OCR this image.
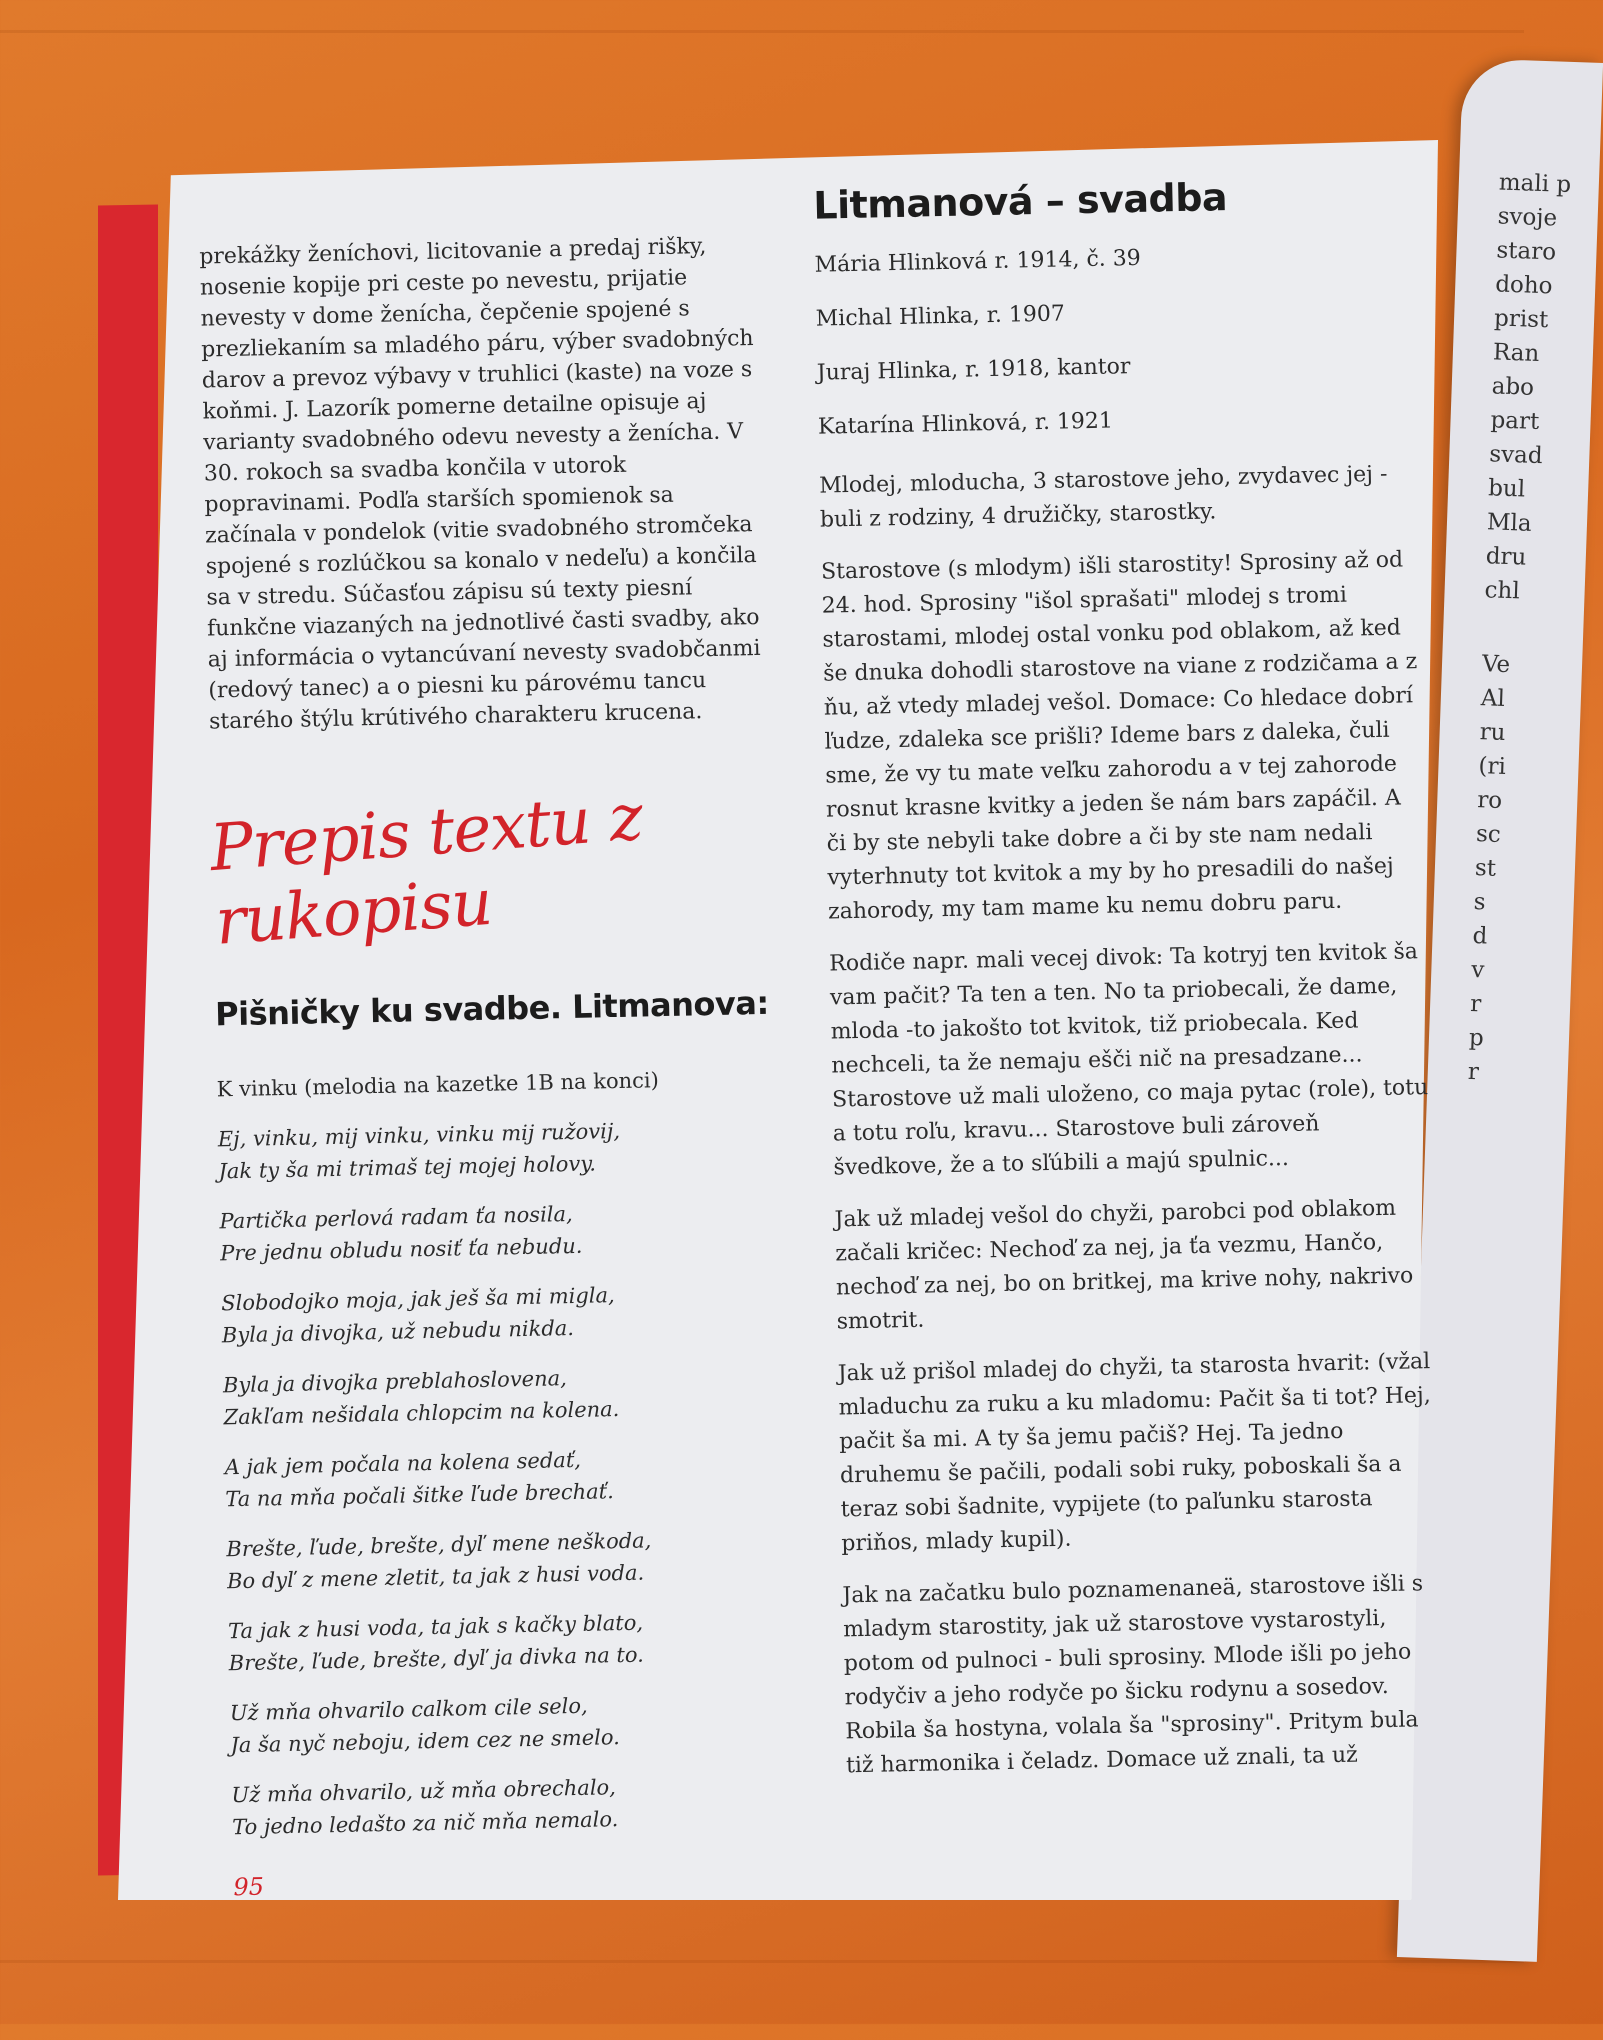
mali p
svoje
staro
doho
prist
Ran
abo
part
svad
bul
Mla
dru
chl
Ve
Al
ru
(ri
ro
sc
st
s
d
v
r
p
r

prekážky ženíchovi, licitovanie a predaj rišky, nosenie kopije pri ceste po nevestu, prijatie nevesty v dome ženícha, čepčenie spojené s prezliekaním sa mladého páru, výber svadobných darov a prevoz výbavy v truhlici (kaste) na voze s koňmi. J. Lazorík pomerne detailne opisuje aj varianty svadobného odevu nevesty a ženícha. V 30. rokoch sa svadba končila v utorok popravinami. Podľa starších spomienok sa začínala v pondelok (vitie svadobného stromčeka spojené s rozlúčkou sa konalo v nedeľu) a končila sa v stredu. Súčasťou zápisu sú texty piesní funkčne viazaných na jednotlivé časti svadby, ako aj informácia o vytancúvaní nevesty svadobčanmi (redový tanec) a o piesni ku párovému tancu starého štýlu krútivého charakteru krucena.

Prepis textu z rukopisu
Pišničky ku svadbe. Litmanova:
K vinku (melodia na kazetke 1B na konci)
Ej, vinku, mij vinku, vinku mij ružovij,
Jak ty ša mi trimaš tej mojej holovy.
Partička perlová radam ťa nosila,
Pre jednu obludu nosiť ťa nebudu.
Slobodojko moja, jak ješ ša mi migla,
Byla ja divojka, už nebudu nikda.
Byla ja divojka preblahoslovena,
Zakľam nešidala chlopcim na kolena.
A jak jem počala na kolena sedať,
Ta na mňa počali šitke ľude brechať.
Brešte, ľude, brešte, dyľ mene neškoda,
Bo dyľ z mene zletit, ta jak z husi voda.
Ta jak z husi voda, ta jak s kačky blato,
Brešte, ľude, brešte, dyľ ja divka na to.
Už mňa ohvarilo calkom cile selo,
Ja ša nyč neboju, idem cez ne smelo.
Už mňa ohvarilo, už mňa obrechalo,
To jedno ledašto za nič mňa nemalo.
95
Litmanová – svadba
Mária Hlinková r. 1914, č. 39
Michal Hlinka, r. 1907
Juraj Hlinka, r. 1918, kantor
Katarína Hlinková, r. 1921
Mlodej, mloducha, 3 starostove jeho, zvydavec jej - buli z rodziny, 4 družičky, starostky.
Starostove (s mlodym) išli starostity! Sprosiny až od 24. hod. Sprosiny "išol sprašati" mlodej s tromi starostami, mlodej ostal vonku pod oblakom, až ked še dnuka dohodli starostove na viane z rodzičama a z ňu, až vtedy mladej vešol. Domace: Co hledace dobrí ľudze, zdaleka sce prišli? Ideme bars z daleka, čuli sme, že vy tu mate veľku zahorodu a v tej zahorode rosnut krasne kvitky a jeden še nám bars zapáčil. A či by ste nebyli take dobre a či by ste nam nedali vyterhnuty tot kvitok a my by ho presadili do našej zahorody, my tam mame ku nemu dobru paru.
Rodiče napr. mali vecej divok: Ta kotryj ten kvitok ša vam pačit? Ta ten a ten. No ta priobecali, že dame, mloda -to jakošto tot kvitok, tiž priobecala. Ked nechceli, ta že nemaju ešči nič na presadzane... Starostove už mali uloženo, co maja pytac (role), totu a totu roľu, kravu... Starostove buli zároveň švedkove, že a to sľúbili a majú spulnic...
Jak už mladej vešol do chyži, parobci pod oblakom začali kričec: Nechoď za nej, ja ťa vezmu, Hančo, nechoď za nej, bo on britkej, ma krive nohy, nakrivo smotrit.
Jak už prišol mladej do chyži, ta starosta hvarit: (vžal mladuchu za ruku a ku mladomu: Pačit ša ti tot? Hej, pačit ša mi. A ty ša jemu pačiš? Hej. Ta jedno druhemu še pačili, podali sobi ruky, poboskali ša a teraz sobi šadnite, vypijete (to paľunku starosta priňos, mlady kupil).
Jak na začatku bulo poznamenaneä, starostove išli s mladym starostity, jak už starostove vystarostyli, potom od pulnoci - buli sprosiny. Mlode išli po jeho rodyčiv a jeho rodyče po šicku rodynu a sosedov. Robila ša hostyna, volala ša "sprosiny". Pritym bula tiž harmonika i čeladz. Domace už znali, ta už
